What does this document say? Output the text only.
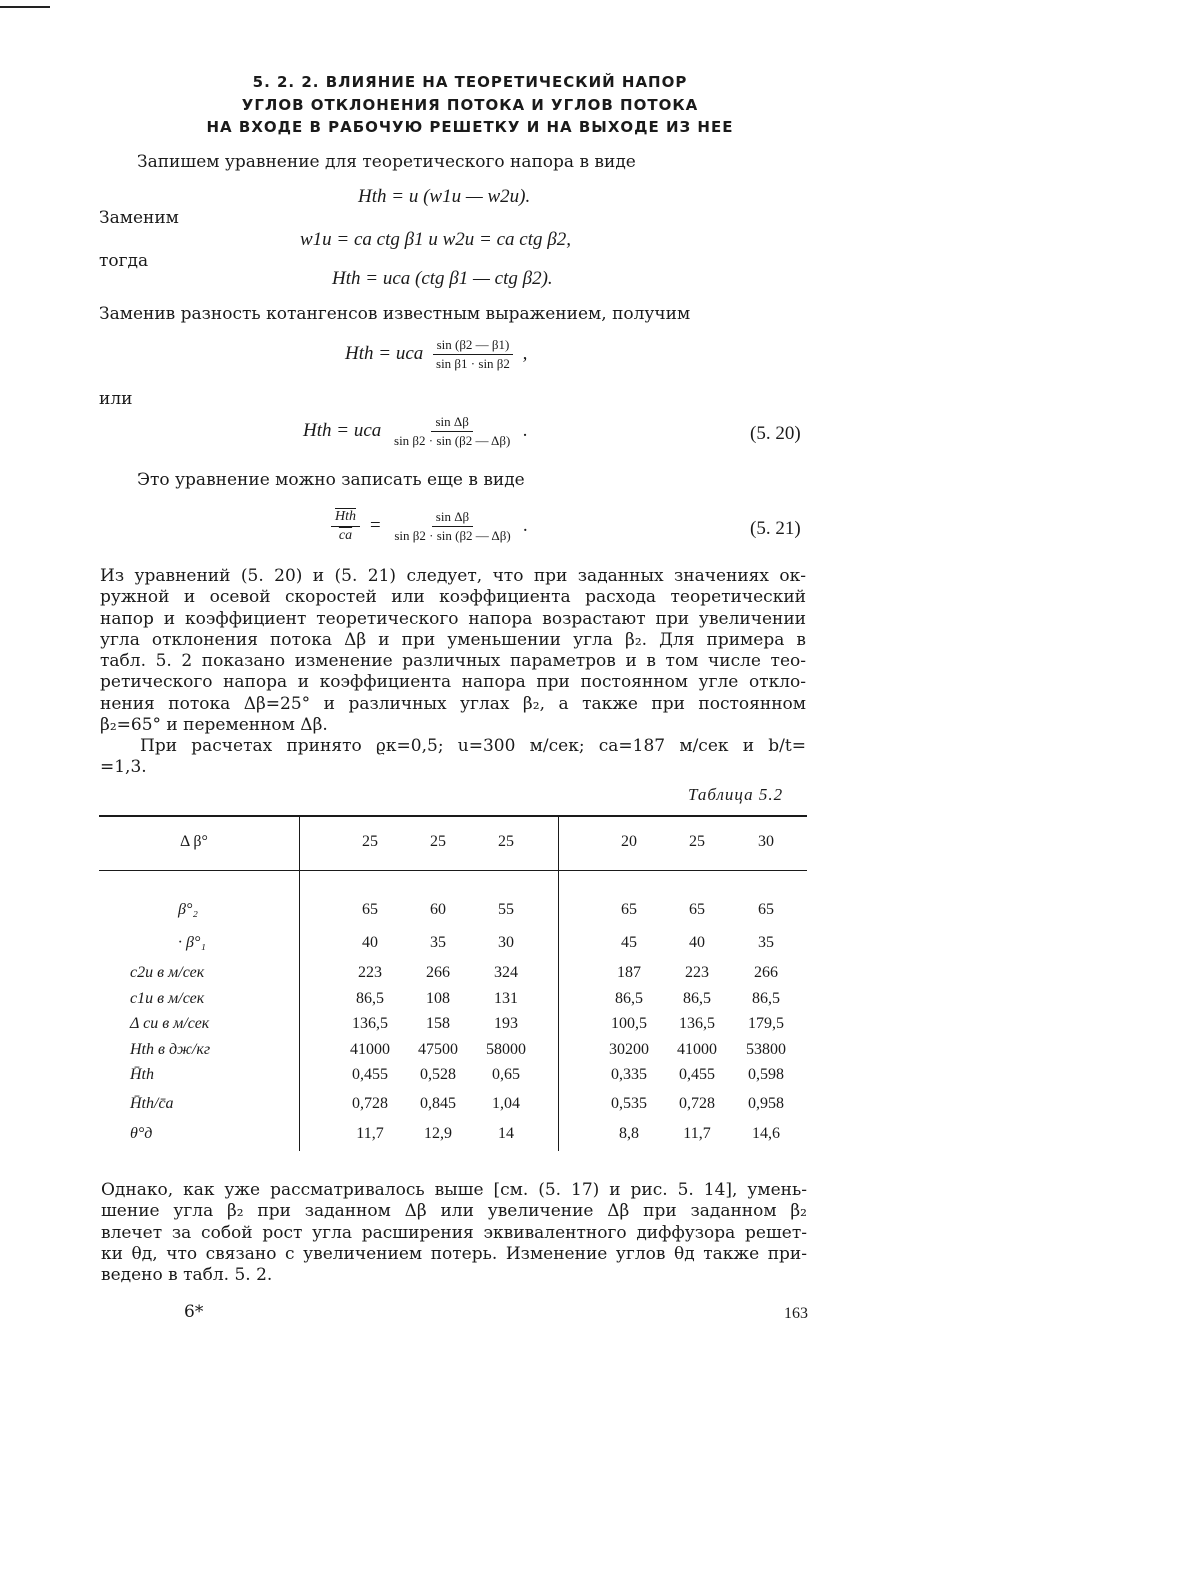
5. 2. 2. ВЛИЯНИЕ НА ТЕОРЕТИЧЕСКИЙ НАПОР
УГЛОВ ОТКЛОНЕНИЯ ПОТОКА И УГЛОВ ПОТОКА
НА ВХОДЕ В РАБОЧУЮ РЕШЕТКУ И НА ВЫХОДЕ ИЗ НЕЕ
Запишем уравнение для теоретического напора в виде
Hth = u (w1u — w2u).
Заменим
w1u = ca ctg β1 и w2u = ca ctg β2,
тогда
Hth = uca (ctg β1 — ctg β2).
Заменив разность котангенсов известным выражением, получим
Hth = uca $\frac{\sin (\beta 2 — \beta 1)}{\text{sin β1 · sin β2}}$ ,
или
Hth = uca $\frac{\text{sin Δβ}}{\text{sin β2 · sin (β2 — Δβ)}}$ .	(5. 20)
Это уравнение можно записать еще в виде
$\frac{\overline{Hth}}{ca} = \frac{\text{sin Δβ}}{\text{sin β2 · sin (β2 — Δβ)}}$ .	(5. 21)
Из уравнений (5. 20) и (5. 21) следует, что при заданных значениях ок-
ружной и осевой скоростей или коэффициента расхода теоретический
напор и коэффициент теоретического напора возрастают при увеличении
угла отклонения потока Δβ и при уменьшении угла β₂. Для примера в
табл. 5. 2 показано изменение различных параметров и в том числе тео-
ретического напора и коэффициента напора при постоянном угле откло-
нения потока Δβ=25° и различных углах β₂, а также при постоянном
β₂=65° и переменном Δβ.
При расчетах принято ϱк=0,5; u=300 м/сек; ca=187 м/сек и b/t=
=1,3.
Таблица 5.2
Δ β°	25	25	25	20	25	30
β°₂	65	60	55	65	65	65
· β°₁	40	35	30	45	40	35
c2u в м/сек	223	266	324	187	223	266
c1u в м/сек	86,5	108	131	86,5	86,5	86,5
Δ cu в м/сек	136,5	158	193	100,5	136,5	179,5
Hth в дж/кг	41000	47500	58000	30200	41000	53800
H̄th	0,455	0,528	0,65	0,335	0,455	0,598
H̄th/c̄a	0,728	0,845	1,04	0,535	0,728	0,958
θ°д	11,7	12,9	14	8,8	11,7	14,6
Однако, как уже рассматривалось выше [см. (5. 17) и рис. 5. 14], умень-
шение угла β₂ при заданном Δβ или увеличение Δβ при заданном β₂
влечет за собой рост угла расширения эквивалентного диффузора решет-
ки θд, что связано с увеличением потерь. Изменение углов θд также при-
ведено в табл. 5. 2.
6*	163
